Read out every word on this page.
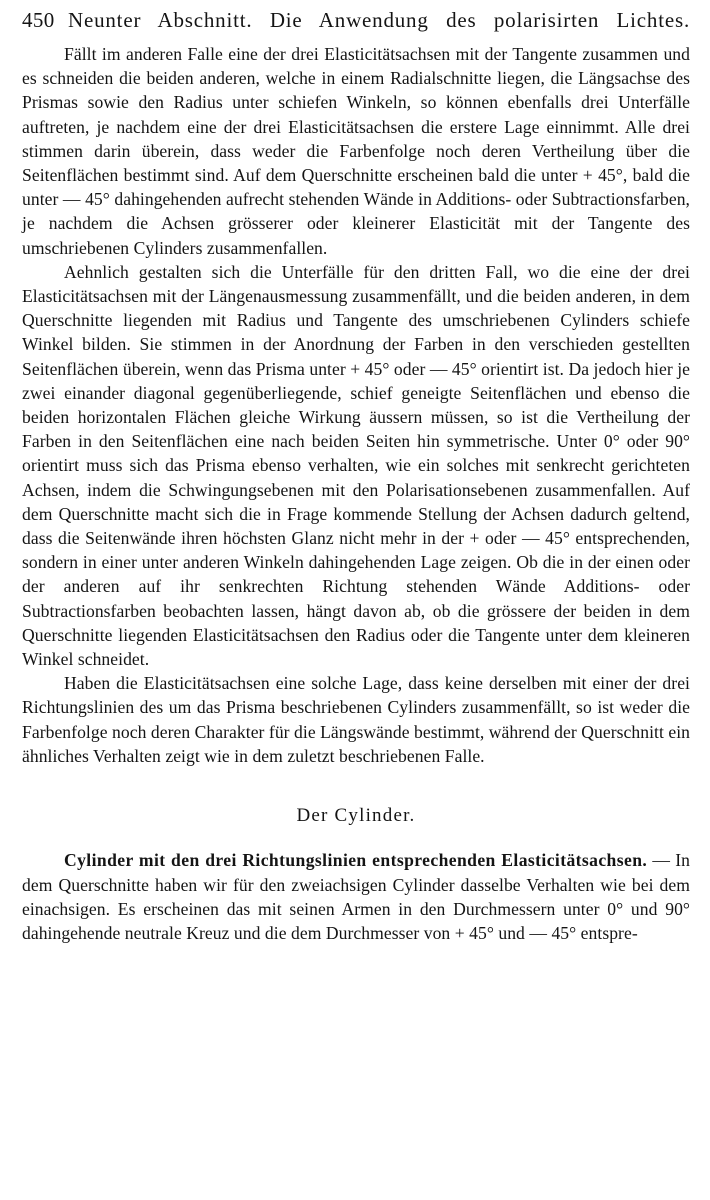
450 Neunter Abschnitt. Die Anwendung des polarisirten Lichtes.

Fällt im anderen Falle eine der drei Elasticitätsachsen mit der Tangente zusammen und es schneiden die beiden anderen, welche in einem Radialschnitte liegen, die Längsachse des Prismas sowie den Radius unter schiefen Winkeln, so können ebenfalls drei Unterfälle auftreten, je nachdem eine der drei Elasticitätsachsen die erstere Lage einnimmt. Alle drei stimmen darin überein, dass weder die Farbenfolge noch deren Vertheilung über die Seitenflächen bestimmt sind. Auf dem Querschnitte erscheinen bald die unter + 45°, bald die unter — 45° dahingehenden aufrecht stehenden Wände in Additions- oder Subtractionsfarben, je nachdem die Achsen grösserer oder kleinerer Elasticität mit der Tangente des umschriebenen Cylinders zusammenfallen.

Aehnlich gestalten sich die Unterfälle für den dritten Fall, wo die eine der drei Elasticitätsachsen mit der Längenausmessung zusammenfällt, und die beiden anderen, in dem Querschnitte liegenden mit Radius und Tangente des umschriebenen Cylinders schiefe Winkel bilden. Sie stimmen in der Anordnung der Farben in den verschieden gestellten Seitenflächen überein, wenn das Prisma unter + 45° oder — 45° orientirt ist. Da jedoch hier je zwei einander diagonal gegenüberliegende, schief geneigte Seitenflächen und ebenso die beiden horizontalen Flächen gleiche Wirkung äussern müssen, so ist die Vertheilung der Farben in den Seitenflächen eine nach beiden Seiten hin symmetrische. Unter 0° oder 90° orientirt muss sich das Prisma ebenso verhalten, wie ein solches mit senkrecht gerichteten Achsen, indem die Schwingungsebenen mit den Polarisationsebenen zusammenfallen. Auf dem Querschnitte macht sich die in Frage kommende Stellung der Achsen dadurch geltend, dass die Seitenwände ihren höchsten Glanz nicht mehr in der + oder — 45° entsprechenden, sondern in einer unter anderen Winkeln dahingehenden Lage zeigen. Ob die in der einen oder der anderen auf ihr senkrechten Richtung stehenden Wände Additions- oder Subtractionsfarben beobachten lassen, hängt davon ab, ob die grössere der beiden in dem Querschnitte liegenden Elasticitätsachsen den Radius oder die Tangente unter dem kleineren Winkel schneidet.

Haben die Elasticitätsachsen eine solche Lage, dass keine derselben mit einer der drei Richtungslinien des um das Prisma beschriebenen Cylinders zusammenfällt, so ist weder die Farbenfolge noch deren Charakter für die Längswände bestimmt, während der Querschnitt ein ähnliches Verhalten zeigt wie in dem zuletzt beschriebenen Falle.

Der Cylinder.

Cylinder mit den drei Richtungslinien entsprechenden Elasticitätsachsen. — In dem Querschnitte haben wir für den zweiachsigen Cylinder dasselbe Verhalten wie bei dem einachsigen. Es erscheinen das mit seinen Armen in den Durchmessern unter 0° und 90° dahingehende neutrale Kreuz und die dem Durchmesser von + 45° und — 45° entspre-
